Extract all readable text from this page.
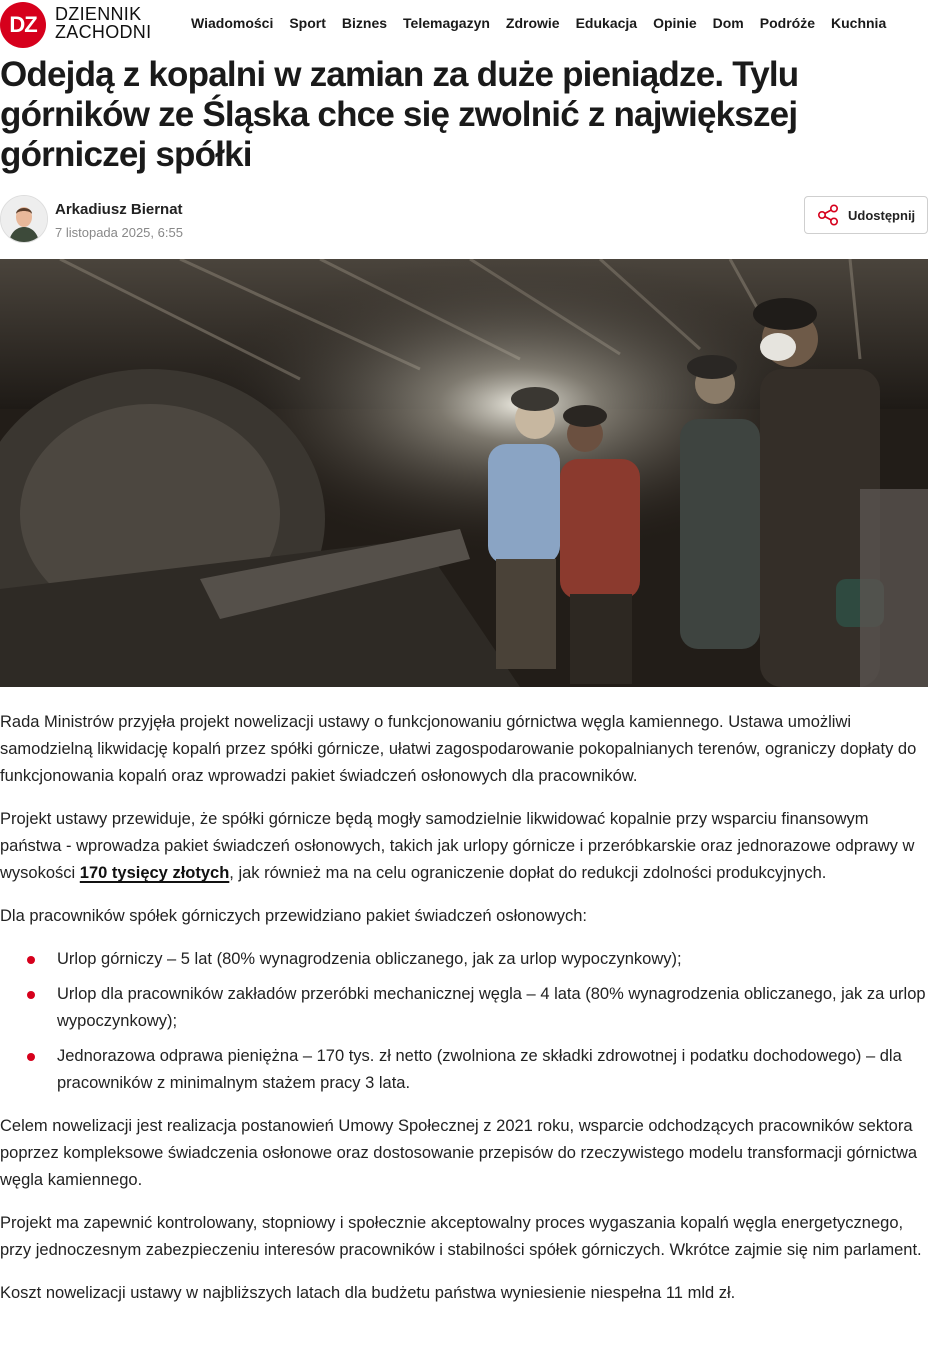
DZ	DZIENNIK
ZACHODNI	Wiadomości Sport Biznes Telemagazyn Zdrowie Edukacja Opinie Dom Podróże Kuchnia
Odejdą z kopalni w zamian za duże pieniądze. Tylu górników ze Śląska chce się zwolnić z największej górniczej spółki
Arkadiusz Biernat
7 listopada 2025, 6:55
Udostępnij

Rada Ministrów przyjęła projekt nowelizacji ustawy o funkcjonowaniu górnictwa węgla kamiennego. Ustawa umożliwi samodzielną likwidację kopalń przez spółki górnicze, ułatwi zagospodarowanie pokopalnianych terenów, ograniczy dopłaty do funkcjonowania kopalń oraz wprowadzi pakiet świadczeń osłonowych dla pracowników.

Projekt ustawy przewiduje, że spółki górnicze będą mogły samodzielnie likwidować kopalnie przy wsparciu finansowym państwa - wprowadza pakiet świadczeń osłonowych, takich jak urlopy górnicze i przeróbkarskie oraz jednorazowe odprawy w wysokości 170 tysięcy złotych, jak również ma na celu ograniczenie dopłat do redukcji zdolności produkcyjnych.

Dla pracowników spółek górniczych przewidziano pakiet świadczeń osłonowych:

Urlop górniczy – 5 lat (80% wynagrodzenia obliczanego, jak za urlop wypoczynkowy);
Urlop dla pracowników zakładów przeróbki mechanicznej węgla – 4 lata (80% wynagrodzenia obliczanego, jak za urlop wypoczynkowy);
Jednorazowa odprawa pieniężna – 170 tys. zł netto (zwolniona ze składki zdrowotnej i podatku dochodowego) – dla pracowników z minimalnym stażem pracy 3 lata.

Celem nowelizacji jest realizacja postanowień Umowy Społecznej z 2021 roku, wsparcie odchodzących pracowników sektora poprzez kompleksowe świadczenia osłonowe oraz dostosowanie przepisów do rzeczywistego modelu transformacji górnictwa węgla kamiennego.

Projekt ma zapewnić kontrolowany, stopniowy i społecznie akceptowalny proces wygaszania kopalń węgla energetycznego, przy jednoczesnym zabezpieczeniu interesów pracowników i stabilności spółek górniczych. Wkrótce zajmie się nim parlament.

Koszt nowelizacji ustawy w najbliższych latach dla budżetu państwa wyniesienie niespełna 11 mld zł.
